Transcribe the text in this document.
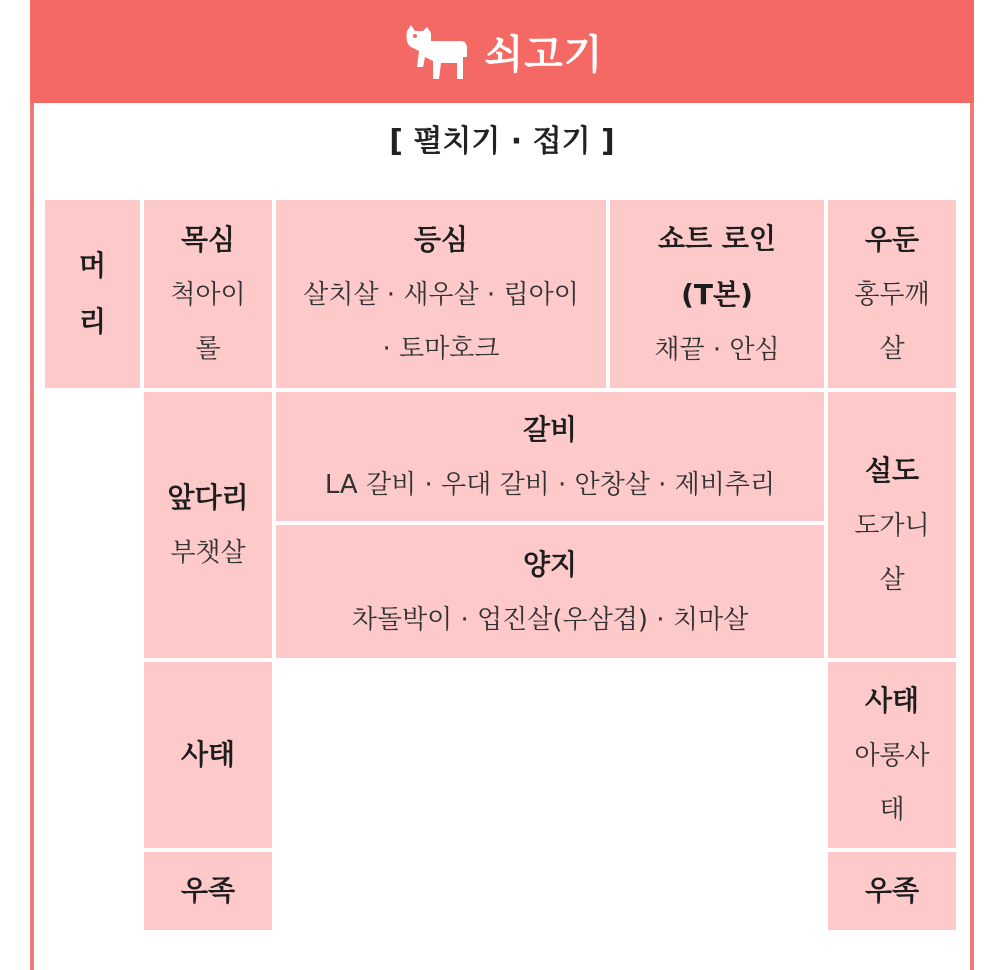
쇠고기
[ 펼치기 · 접기 ]
머리
목심
척아이롤
등심
살치살 · 새우살 · 립아이
· 토마호크
쇼트 로인
(T본)
채끝 · 안심
우둔
홍두깨살
앞다리
부챗살
갈비
LA 갈비 · 우대 갈비 · 안창살 · 제비추리
양지
차돌박이 · 업진살(우삼겹) · 치마살
설도
도가니살
사태
사태
아롱사태
우족	우족
